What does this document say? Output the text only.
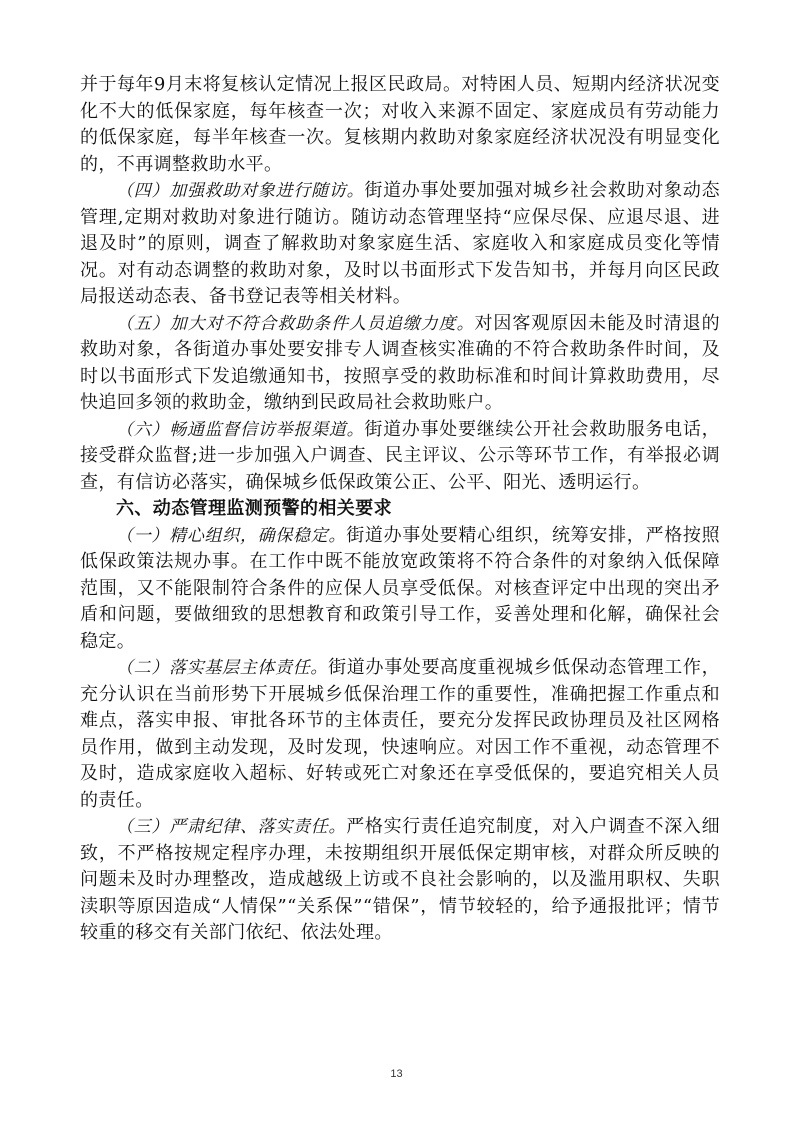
并于每年9月末将复核认定情况上报区民政局。对特困人员、短期内经济状况变化不大的低保家庭，每年核查一次；对收入来源不固定、家庭成员有劳动能力的低保家庭，每半年核查一次。复核期内救助对象家庭经济状况没有明显变化的，不再调整救助水平。

（四）加强救助对象进行随访。街道办事处要加强对城乡社会救助对象动态管理,定期对救助对象进行随访。随访动态管理坚持“应保尽保、应退尽退、进退及时”的原则，调查了解救助对象家庭生活、家庭收入和家庭成员变化等情况。对有动态调整的救助对象，及时以书面形式下发告知书，并每月向区民政局报送动态表、备书登记表等相关材料。

（五）加大对不符合救助条件人员追缴力度。对因客观原因未能及时清退的救助对象，各街道办事处要安排专人调查核实准确的不符合救助条件时间，及时以书面形式下发追缴通知书，按照享受的救助标准和时间计算救助费用，尽快追回多领的救助金，缴纳到民政局社会救助账户。

（六）畅通监督信访举报渠道。街道办事处要继续公开社会救助服务电话，接受群众监督;进一步加强入户调查、民主评议、公示等环节工作，有举报必调查，有信访必落实，确保城乡低保政策公正、公平、阳光、透明运行。

六、动态管理监测预警的相关要求

（一）精心组织，确保稳定。街道办事处要精心组织，统筹安排，严格按照低保政策法规办事。在工作中既不能放宽政策将不符合条件的对象纳入低保障范围，又不能限制符合条件的应保人员享受低保。对核查评定中出现的突出矛盾和问题，要做细致的思想教育和政策引导工作，妥善处理和化解，确保社会稳定。

（二）落实基层主体责任。街道办事处要高度重视城乡低保动态管理工作，充分认识在当前形势下开展城乡低保治理工作的重要性，准确把握工作重点和难点，落实申报、审批各环节的主体责任，要充分发挥民政协理员及社区网格员作用，做到主动发现，及时发现，快速响应。对因工作不重视，动态管理不及时，造成家庭收入超标、好转或死亡对象还在享受低保的，要追究相关人员的责任。

（三）严肃纪律、落实责任。严格实行责任追究制度，对入户调查不深入细致，不严格按规定程序办理，未按期组织开展低保定期审核，对群众所反映的问题未及时办理整改，造成越级上访或不良社会影响的，以及滥用职权、失职渎职等原因造成“人情保”“关系保”“错保”，情节较轻的，给予通报批评；情节较重的移交有关部门依纪、依法处理。

13
